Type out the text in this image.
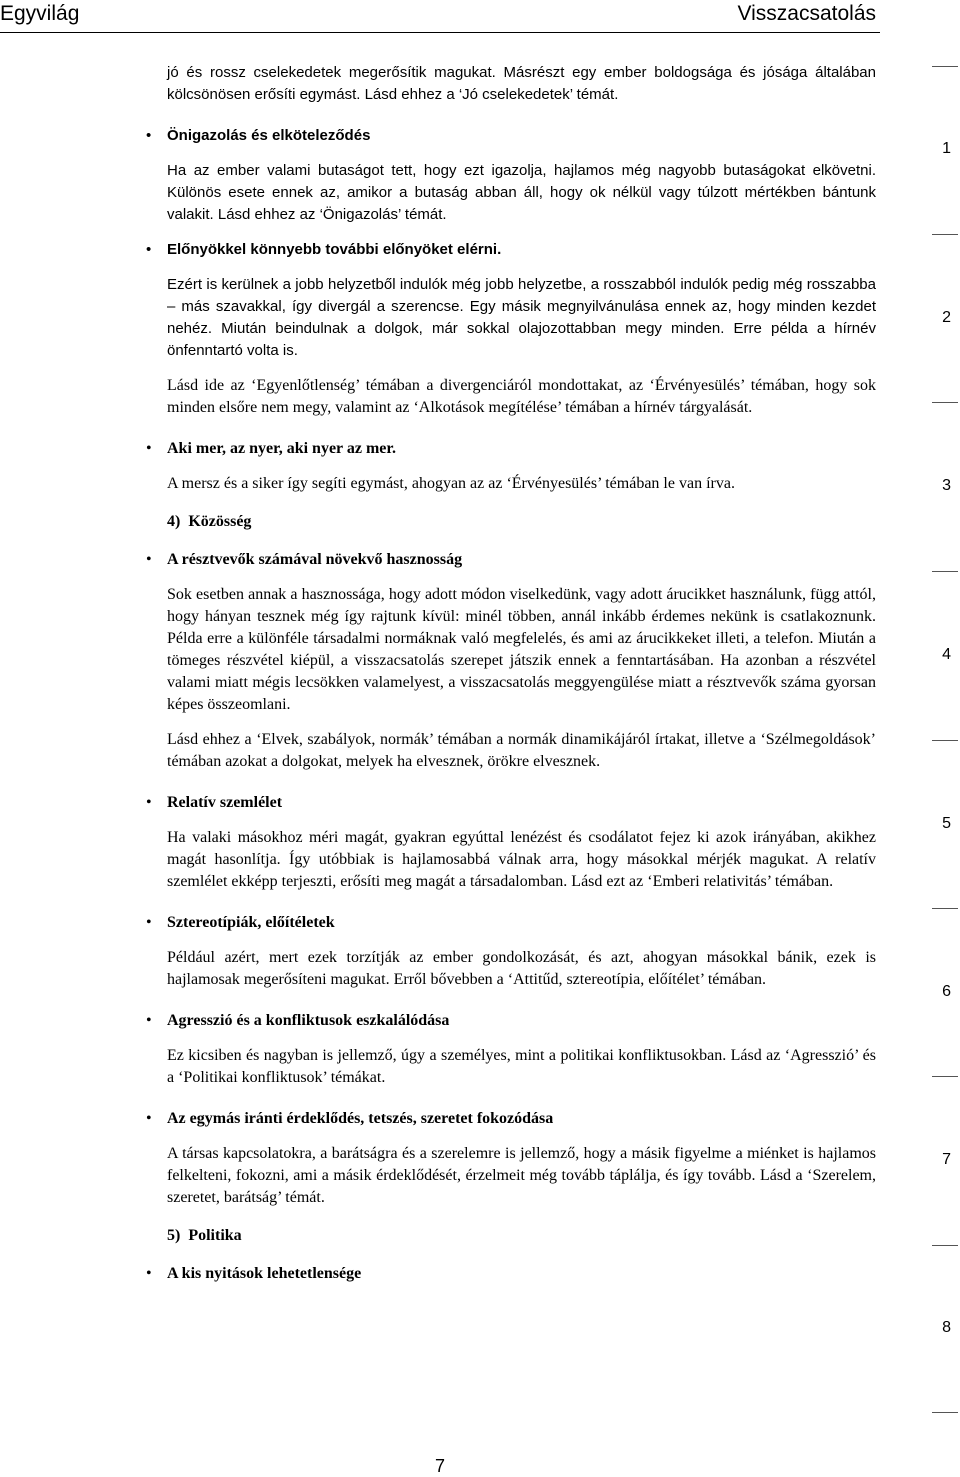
Egyvilág	Visszacsatolás

jó és rossz cselekedetek megerősítik magukat. Másrészt egy ember boldogsága és jósága általában kölcsönösen erősíti egymást. Lásd ehhez a ‘Jó cselekedetek’ témát.

• Önigazolás és elköteleződés

Ha az ember valami butaságot tett, hogy ezt igazolja, hajlamos még nagyobb butaságokat elkövetni. Különös esete ennek az, amikor a butaság abban áll, hogy ok nélkül vagy túlzott mértékben bántunk valakit. Lásd ehhez az ‘Önigazolás’ témát.

• Előnyökkel könnyebb további előnyöket elérni.

Ezért is kerülnek a jobb helyzetből indulók még jobb helyzetbe, a rosszabból indulók pedig még rosszabba – más szavakkal, így divergál a szerencse. Egy másik megnyilvánulása ennek az, hogy minden kezdet nehéz. Miután beindulnak a dolgok, már sokkal olajozottabban megy minden. Erre példa a hírnév önfenntartó volta is.

Lásd ide az ‘Egyenlőtlenség’ témában a divergenciáról mondottakat, az ‘Érvényesülés’ témában, hogy sok minden elsőre nem megy, valamint az ‘Alkotások megítélése’ témában a hírnév tárgyalását.

• Aki mer, az nyer, aki nyer az mer.

A mersz és a siker így segíti egymást, ahogyan az az ‘Érvényesülés’ témában le van írva.

4)  Közösség

• A résztvevők számával növekvő hasznosság

Sok esetben annak a hasznossága, hogy adott módon viselkedünk, vagy adott árucikket használunk, függ attól, hogy hányan tesznek még így rajtunk kívül: minél többen, annál inkább érdemes nekünk is csatlakoznunk. Példa erre a különféle társadalmi normáknak való megfelelés, és ami az árucikkeket illeti, a telefon. Miután a tömeges részvétel kiépül, a visszacsatolás szerepet játszik ennek a fenntartásában. Ha azonban a részvétel valami miatt mégis lecsökken valamelyest, a visszacsatolás meggyengülése miatt a résztvevők száma gyorsan képes összeomlani.

Lásd ehhez a ‘Elvek, szabályok, normák’ témában a normák dinamikájáról írtakat, illetve a ‘Szélmegoldások’ témában azokat a dolgokat, melyek ha elvesznek, örökre elvesznek.

• Relatív szemlélet

Ha valaki másokhoz méri magát, gyakran egyúttal lenézést és csodálatot fejez ki azok irányában, akikhez magát hasonlítja. Így utóbbiak is hajlamosabbá válnak arra, hogy másokkal mérjék magukat. A relatív szemlélet ekképp terjeszti, erősíti meg magát a társadalomban. Lásd ezt az ‘Emberi relativitás’ témában.

• Sztereotípiák, előítéletek

Például azért, mert ezek torzítják az ember gondolkozását, és azt, ahogyan másokkal bánik, ezek is hajlamosak megerősíteni magukat. Erről bővebben a ‘Attitűd, sztereotípia, előítélet’ témában.

• Agresszió és a konfliktusok eszkalálódása

Ez kicsiben és nagyban is jellemző, úgy a személyes, mint a politikai konfliktusokban. Lásd az ‘Agresszió’ és a ‘Politikai konfliktusok’ témákat.

• Az egymás iránti érdeklődés, tetszés, szeretet fokozódása

A társas kapcsolatokra, a barátságra és a szerelemre is jellemző, hogy a másik figyelme a miénket is hajlamos felkelteni, fokozni, ami a másik érdeklődését, érzelmeit még tovább táplálja, és így tovább. Lásd a ‘Szerelem, szeretet, barátság’ témát.

5)  Politika

• A kis nyitások lehetetlensége

1
2
3
4
5
6
7
8
7
